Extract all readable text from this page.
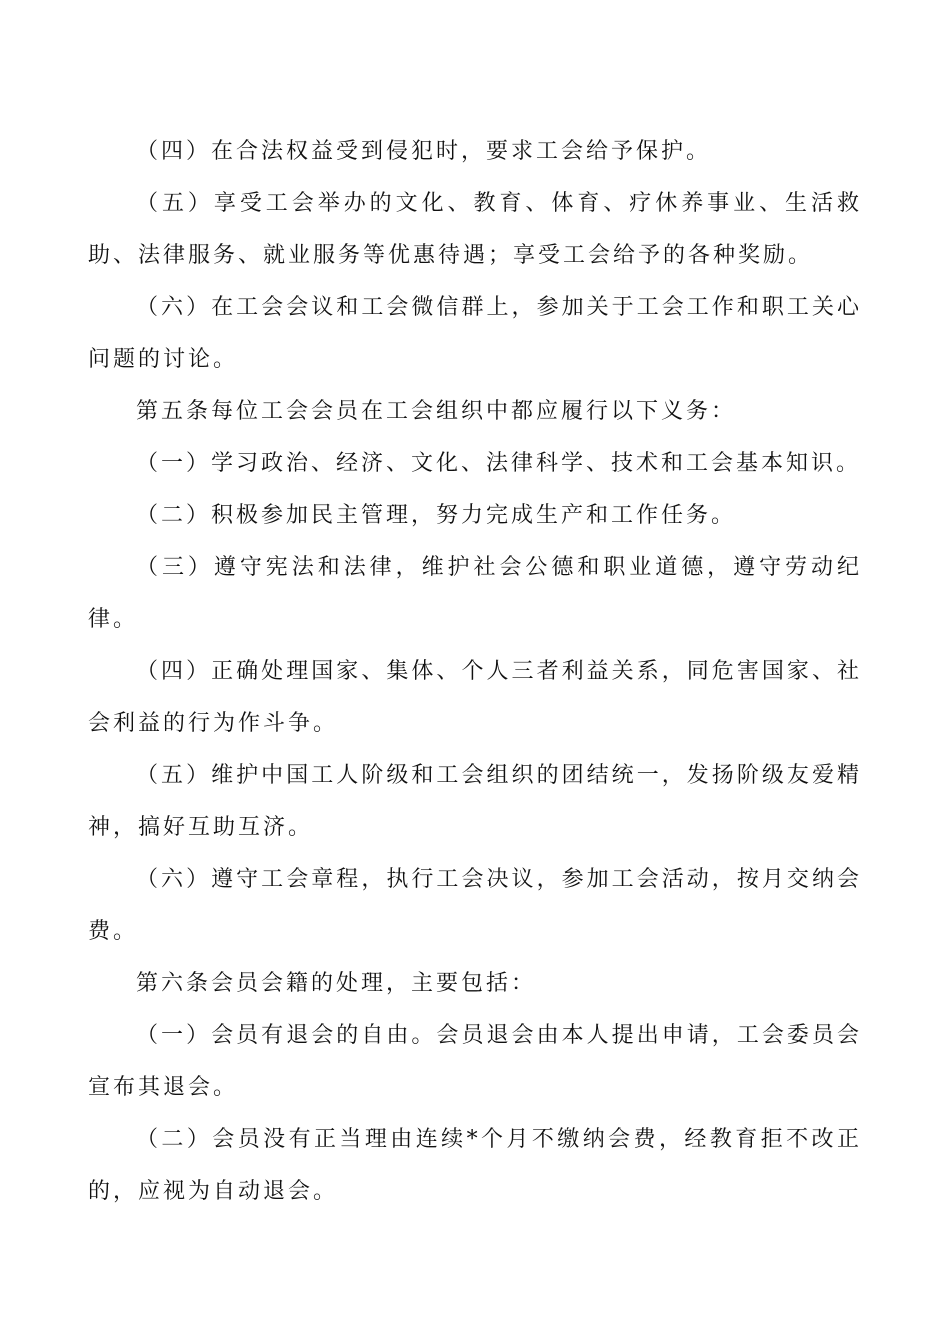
（四）在合法权益受到侵犯时，要求工会给予保护。

（五）享受工会举办的文化、教育、体育、疗休养事业、生活救助、法律服务、就业服务等优惠待遇；享受工会给予的各种奖励。

（六）在工会会议和工会微信群上，参加关于工会工作和职工关心问题的讨论。

第五条每位工会会员在工会组织中都应履行以下义务：

（一）学习政治、经济、文化、法律科学、技术和工会基本知识。

（二）积极参加民主管理，努力完成生产和工作任务。

（三）遵守宪法和法律，维护社会公德和职业道德，遵守劳动纪律。

（四）正确处理国家、集体、个人三者利益关系，同危害国家、社会利益的行为作斗争。

（五）维护中国工人阶级和工会组织的团结统一，发扬阶级友爱精神，搞好互助互济。

（六）遵守工会章程，执行工会决议，参加工会活动，按月交纳会费。

第六条会员会籍的处理，主要包括：

（一）会员有退会的自由。会员退会由本人提出申请，工会委员会宣布其退会。

（二）会员没有正当理由连续*个月不缴纳会费，经教育拒不改正的，应视为自动退会。
